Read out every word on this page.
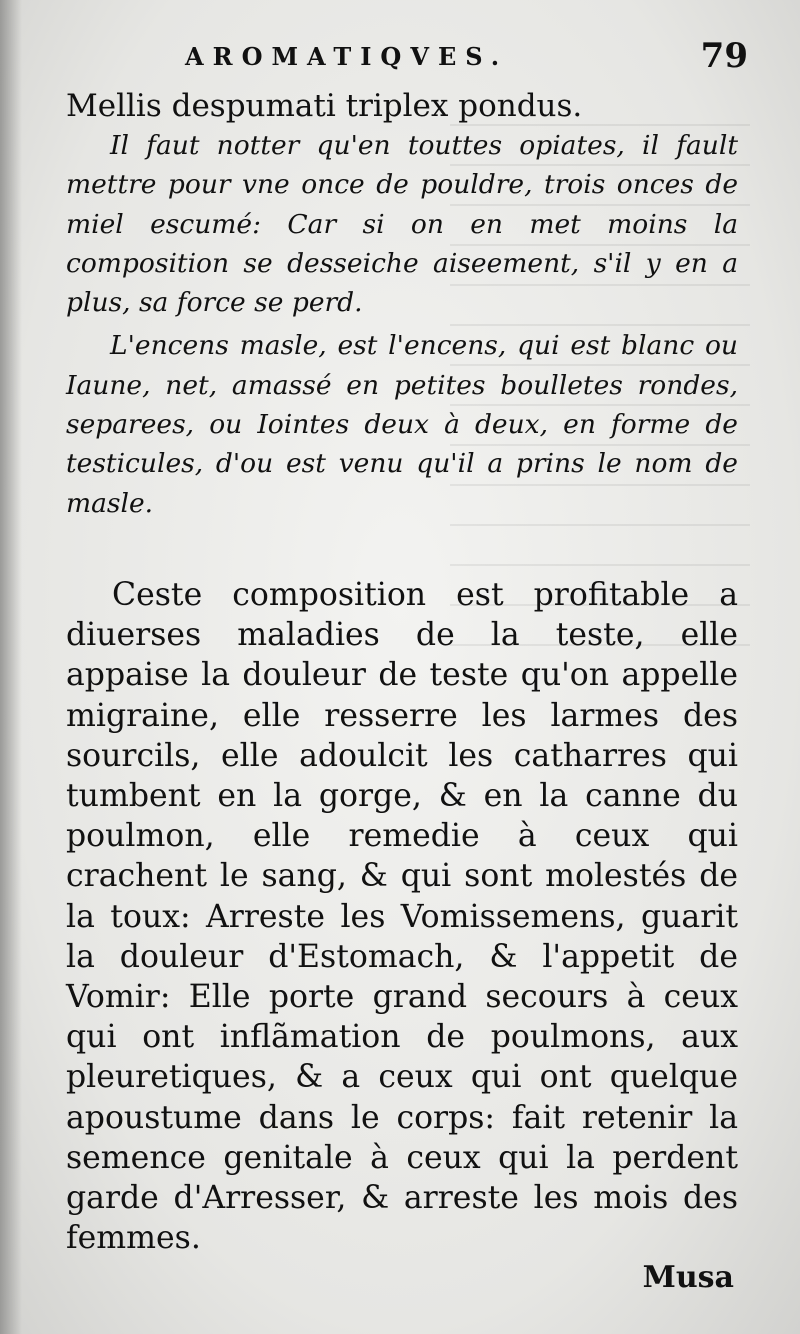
AROMATIQVES.	79

Mellis despumati triplex pondus.

Il faut notter qu'en touttes opiates, il fault mettre pour vne once de pouldre, trois onces de miel escumé: Car si on en met moins la composition se desseiche aiseement, s'il y en a plus, sa force se perd.

L'encens masle, est l'encens, qui est blanc ou Iaune, net, amassé en petites boulletes rondes, separees, ou Iointes deux à deux, en forme de testicules, d'ou est venu qu'il a prins le nom de masle.

Ceste composition est profitable a diuerses maladies de la teste, elle appaise la douleur de teste qu'on appelle migraine, elle resserre les larmes des sourcils, elle adoulcit les catharres qui tumbent en la gorge, & en la canne du poulmon, elle remedie à ceux qui crachent le sang, & qui sont molestés de la toux: Arreste les Vomissemens, guarit la douleur d'Estomach, & l'appetit de Vomir: Elle porte grand secours à ceux qui ont inflãmation de poulmons, aux pleuretiques, & a ceux qui ont quelque apoustume dans le corps: fait retenir la semence genitale à ceux qui la perdent gardе d'Arresser, & arreste les mois des femmes.

Musa
